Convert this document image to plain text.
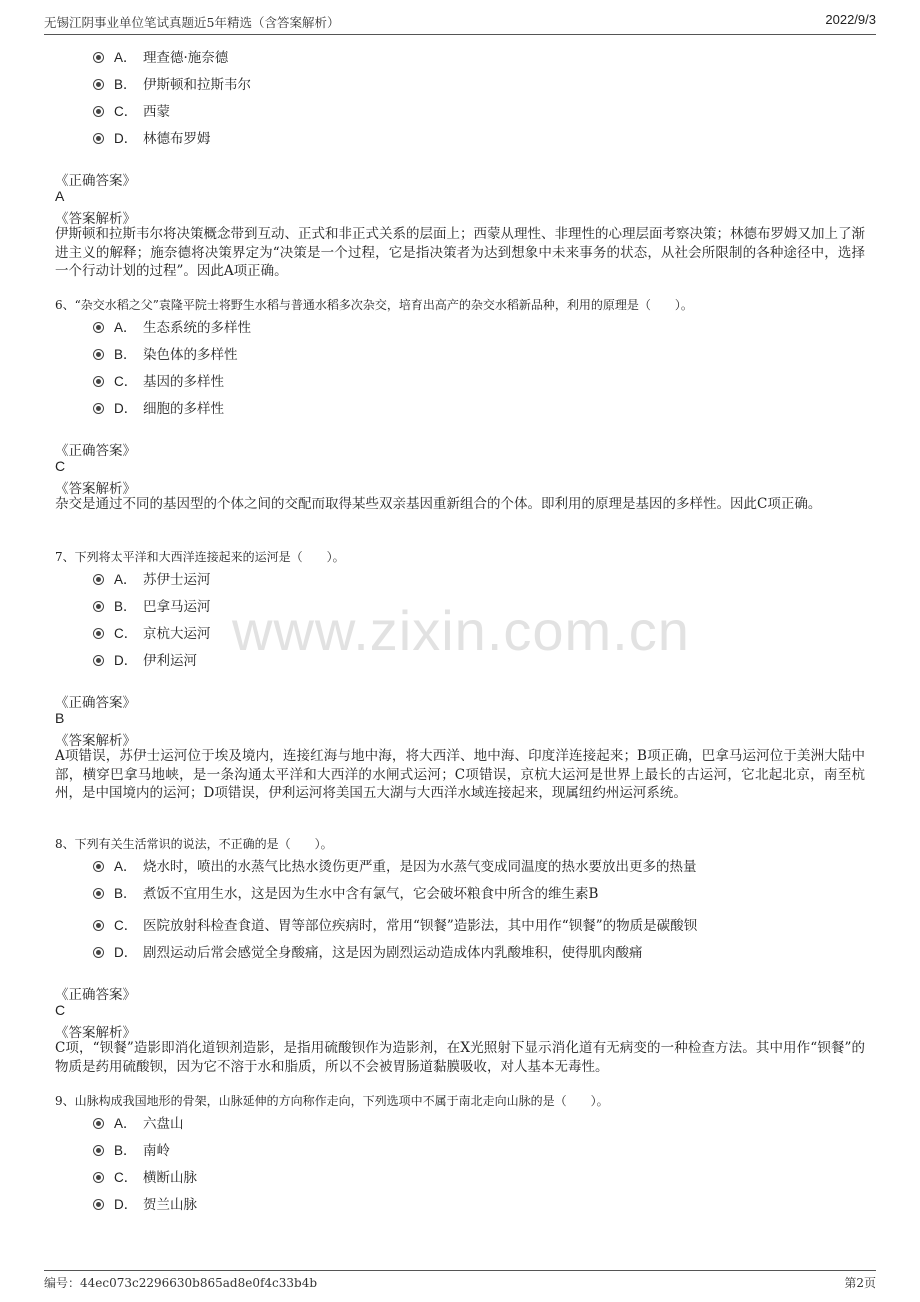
无锡江阴事业单位笔试真题近5年精选（含答案解析）	2022/9/3
www.zixin.com.cn
A． 理查德·施奈德
B． 伊斯顿和拉斯韦尔
C． 西蒙
D． 林德布罗姆
《正确答案》
A
《答案解析》
伊斯顿和拉斯韦尔将决策概念带到互动、正式和非正式关系的层面上；西蒙从理性、非理性的心理层面考察决策；林德布罗姆又加上了渐进主义的解释；施奈德将决策界定为“决策是一个过程，它是指决策者为达到想象中未来事务的状态，从社会所限制的各种途径中，选择一个行动计划的过程”。因此A项正确。
6、“杂交水稻之父”袁隆平院士将野生水稻与普通水稻多次杂交，培育出高产的杂交水稻新品种，利用的原理是（　　）。
A． 生态系统的多样性
B． 染色体的多样性
C． 基因的多样性
D． 细胞的多样性
《正确答案》
C
《答案解析》
杂交是通过不同的基因型的个体之间的交配而取得某些双亲基因重新组合的个体。即利用的原理是基因的多样性。因此C项正确。
7、下列将太平洋和大西洋连接起来的运河是（　　）。
A． 苏伊士运河
B． 巴拿马运河
C． 京杭大运河
D． 伊利运河
《正确答案》
B
《答案解析》
A项错误，苏伊士运河位于埃及境内，连接红海与地中海，将大西洋、地中海、印度洋连接起来；B项正确，巴拿马运河位于美洲大陆中部，横穿巴拿马地峡，是一条沟通太平洋和大西洋的水闸式运河；C项错误，京杭大运河是世界上最长的古运河，它北起北京，南至杭州，是中国境内的运河；D项错误，伊利运河将美国五大湖与大西洋水域连接起来，现属纽约州运河系统。
8、下列有关生活常识的说法，不正确的是（　　）。
A． 烧水时，喷出的水蒸气比热水烫伤更严重，是因为水蒸气变成同温度的热水要放出更多的热量
B． 煮饭不宜用生水，这是因为生水中含有氯气，它会破坏粮食中所含的维生素B
C． 医院放射科检查食道、胃等部位疾病时，常用“钡餐”造影法，其中用作“钡餐”的物质是碳酸钡
D． 剧烈运动后常会感觉全身酸痛，这是因为剧烈运动造成体内乳酸堆积，使得肌肉酸痛
《正确答案》
C
《答案解析》
C项，“钡餐”造影即消化道钡剂造影，是指用硫酸钡作为造影剂，在X光照射下显示消化道有无病变的一种检查方法。其中用作“钡餐”的物质是药用硫酸钡，因为它不溶于水和脂质，所以不会被胃肠道黏膜吸收，对人基本无毒性。
9、山脉构成我国地形的骨架，山脉延伸的方向称作走向，下列选项中不属于南北走向山脉的是（　　）。
A． 六盘山
B． 南岭
C． 横断山脉
D． 贺兰山脉
编号：44ec073c2296630b865ad8e0f4c33b4b	第2页
